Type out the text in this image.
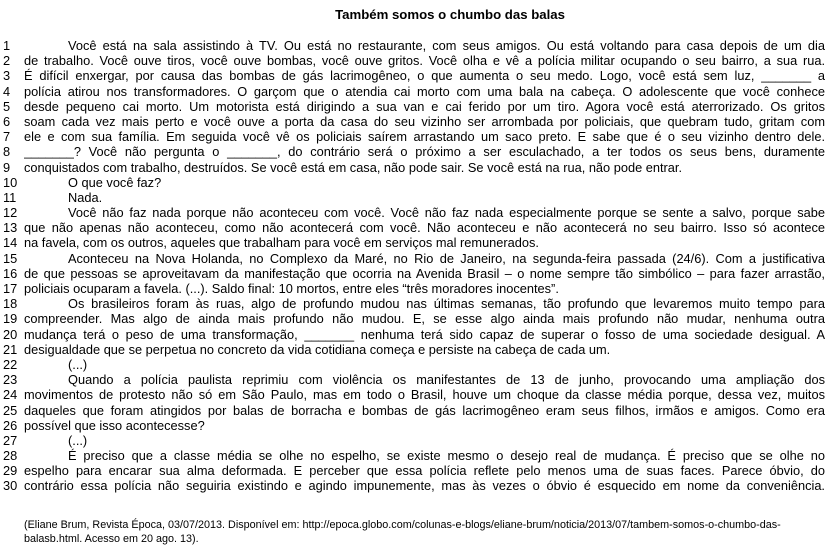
Também somos o chumbo das balas
1	Você está na sala assistindo à TV. Ou está no restaurante, com seus amigos. Ou está voltando para casa depois de um dia
2	de trabalho. Você ouve tiros, você ouve bombas, você ouve gritos. Você olha e vê a polícia militar ocupando o seu bairro, a sua rua.
3	É difícil enxergar, por causa das bombas de gás lacrimogêneo, o que aumenta o seu medo. Logo, você está sem luz, _______ a
4	polícia atirou nos transformadores. O garçom que o atendia cai morto com uma bala na cabeça. O adolescente que você conhece
5	desde pequeno cai morto. Um motorista está dirigindo a sua van e cai ferido por um tiro. Agora você está aterrorizado. Os gritos
6	soam cada vez mais perto e você ouve a porta da casa do seu vizinho ser arrombada por policiais, que quebram tudo, gritam com
7	ele e com sua família. Em seguida você vê os policiais saírem arrastando um saco preto. E sabe que é o seu vizinho dentro dele.
8	_______? Você não pergunta o _______, do contrário será o próximo a ser esculachado, a ter todos os seus bens, duramente
9	conquistados com trabalho, destruídos. Se você está em casa, não pode sair. Se você está na rua, não pode entrar.
10	O que você faz?
11	Nada.
12	Você não faz nada porque não aconteceu com você. Você não faz nada especialmente porque se sente a salvo, porque sabe
13 que não apenas não aconteceu, como não acontecerá com você. Não aconteceu e não acontecerá no seu bairro. Isso só acontece
14 na favela, com os outros, aqueles que trabalham para você em serviços mal remunerados.
15	Aconteceu na Nova Holanda, no Complexo da Maré, no Rio de Janeiro, na segunda-feira passada (24/6). Com a justificativa
16 de que pessoas se aproveitavam da manifestação que ocorria na Avenida Brasil – o nome sempre tão simbólico – para fazer arrastão,
17 policiais ocuparam a favela. (...). Saldo final: 10 mortos, entre eles “três moradores inocentes”.
18	Os brasileiros foram às ruas, algo de profundo mudou nas últimas semanas, tão profundo que levaremos muito tempo para
19 compreender. Mas algo de ainda mais profundo não mudou. E, se esse algo ainda mais profundo não mudar, nenhuma outra
20 mudança terá o peso de uma transformação, _______ nenhuma terá sido capaz de superar o fosso de uma sociedade desigual. A
21 desigualdade que se perpetua no concreto da vida cotidiana começa e persiste na cabeça de cada um.
22	(...)
23	Quando a polícia paulista reprimiu com violência os manifestantes de 13 de junho, provocando uma ampliação dos
24 movimentos de protesto não só em São Paulo, mas em todo o Brasil, houve um choque da classe média porque, dessa vez, muitos
25 daqueles que foram atingidos por balas de borracha e bombas de gás lacrimogêneo eram seus filhos, irmãos e amigos. Como era
26 possível que isso acontecesse?
27	(...)
28	É preciso que a classe média se olhe no espelho, se existe mesmo o desejo real de mudança. É preciso que se olhe no
29 espelho para encarar sua alma deformada. E perceber que essa polícia reflete pelo menos uma de suas faces. Parece óbvio, do
30 contrário essa polícia não seguiria existindo e agindo impunemente, mas às vezes o óbvio é esquecido em nome da conveniência.
(Eliane Brum, Revista Época, 03/07/2013. Disponível em: http://epoca.globo.com/colunas-e-blogs/eliane-brum/noticia/2013/07/tambem-somos-o-chumbo-das-balasb.html. Acesso em 20 ago. 13).
